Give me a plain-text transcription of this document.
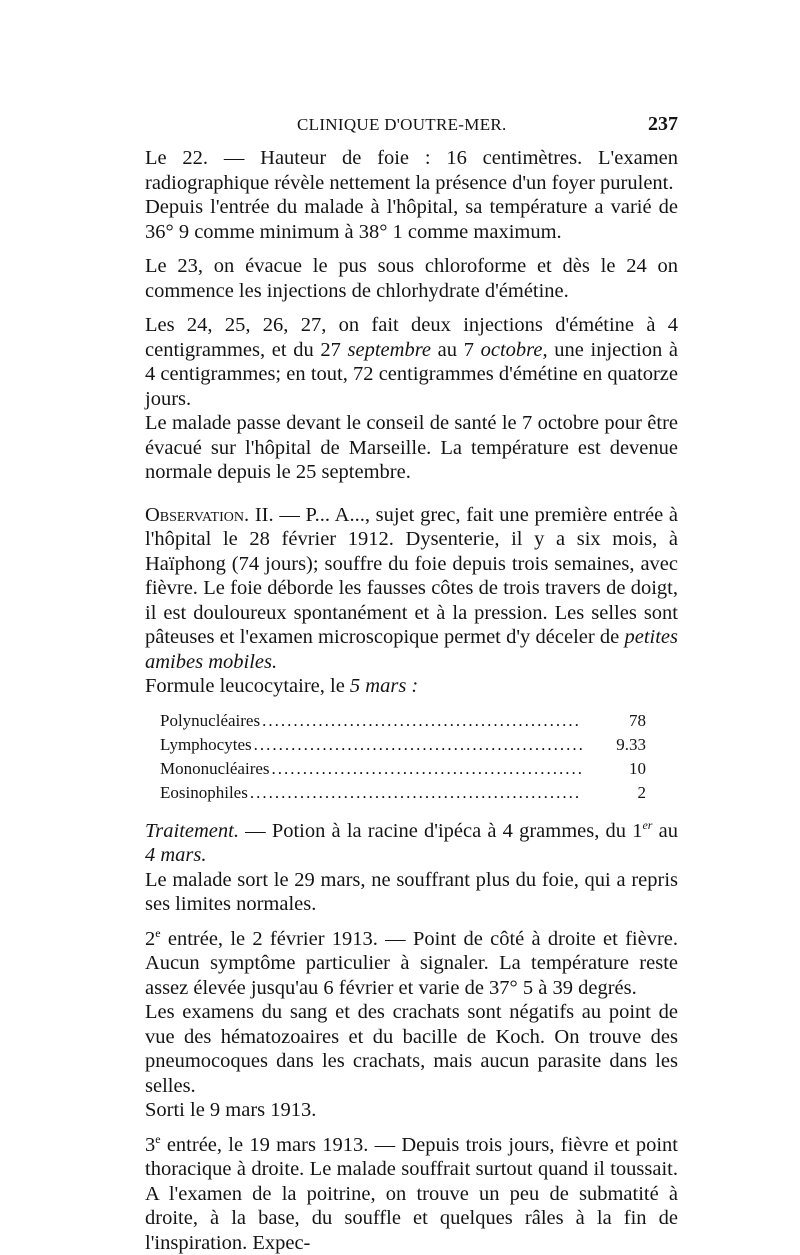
CLINIQUE D'OUTRE-MER.	237

Le 22. — Hauteur de foie : 16 centimètres. L'examen radiographique révèle nettement la présence d'un foyer purulent.

Depuis l'entrée du malade à l'hôpital, sa température a varié de 36° 9 comme minimum à 38° 1 comme maximum.

Le 23, on évacue le pus sous chloroforme et dès le 24 on commence les injections de chlorhydrate d'émétine.

Les 24, 25, 26, 27, on fait deux injections d'émétine à 4 centigrammes, et du 27 septembre au 7 octobre, une injection à 4 centigrammes; en tout, 72 centigrammes d'émétine en quatorze jours.

Le malade passe devant le conseil de santé le 7 octobre pour être évacué sur l'hôpital de Marseille. La température est devenue normale depuis le 25 septembre.

Observation. II. — P... A..., sujet grec, fait une première entrée à l'hôpital le 28 février 1912. Dysenterie, il y a six mois, à Haïphong (74 jours); souffre du foie depuis trois semaines, avec fièvre. Le foie déborde les fausses côtes de trois travers de doigt, il est douloureux spontanément et à la pression. Les selles sont pâteuses et l'examen microscopique permet d'y déceler de petites amibes mobiles.

Formule leucocytaire, le 5 mars :

Polynucléaires .....	78
Lymphocytes .....	9.33
Mononucléaires .....	10
Eosinophiles .....	2

Traitement. — Potion à la racine d'ipéca à 4 grammes, du 1er au 4 mars.

Le malade sort le 29 mars, ne souffrant plus du foie, qui a repris ses limites normales.

2e entrée, le 2 février 1913. — Point de côté à droite et fièvre. Aucun symptôme particulier à signaler. La température reste assez élevée jusqu'au 6 février et varie de 37° 5 à 39 degrés.

Les examens du sang et des crachats sont négatifs au point de vue des hématozoaires et du bacille de Koch. On trouve des pneumocoques dans les crachats, mais aucun parasite dans les selles.

Sorti le 9 mars 1913.

3e entrée, le 19 mars 1913. — Depuis trois jours, fièvre et point thoracique à droite. Le malade souffrait surtout quand il toussait. A l'examen de la poitrine, on trouve un peu de submatité à droite, à la base, du souffle et quelques râles à la fin de l'inspiration. Expec-
